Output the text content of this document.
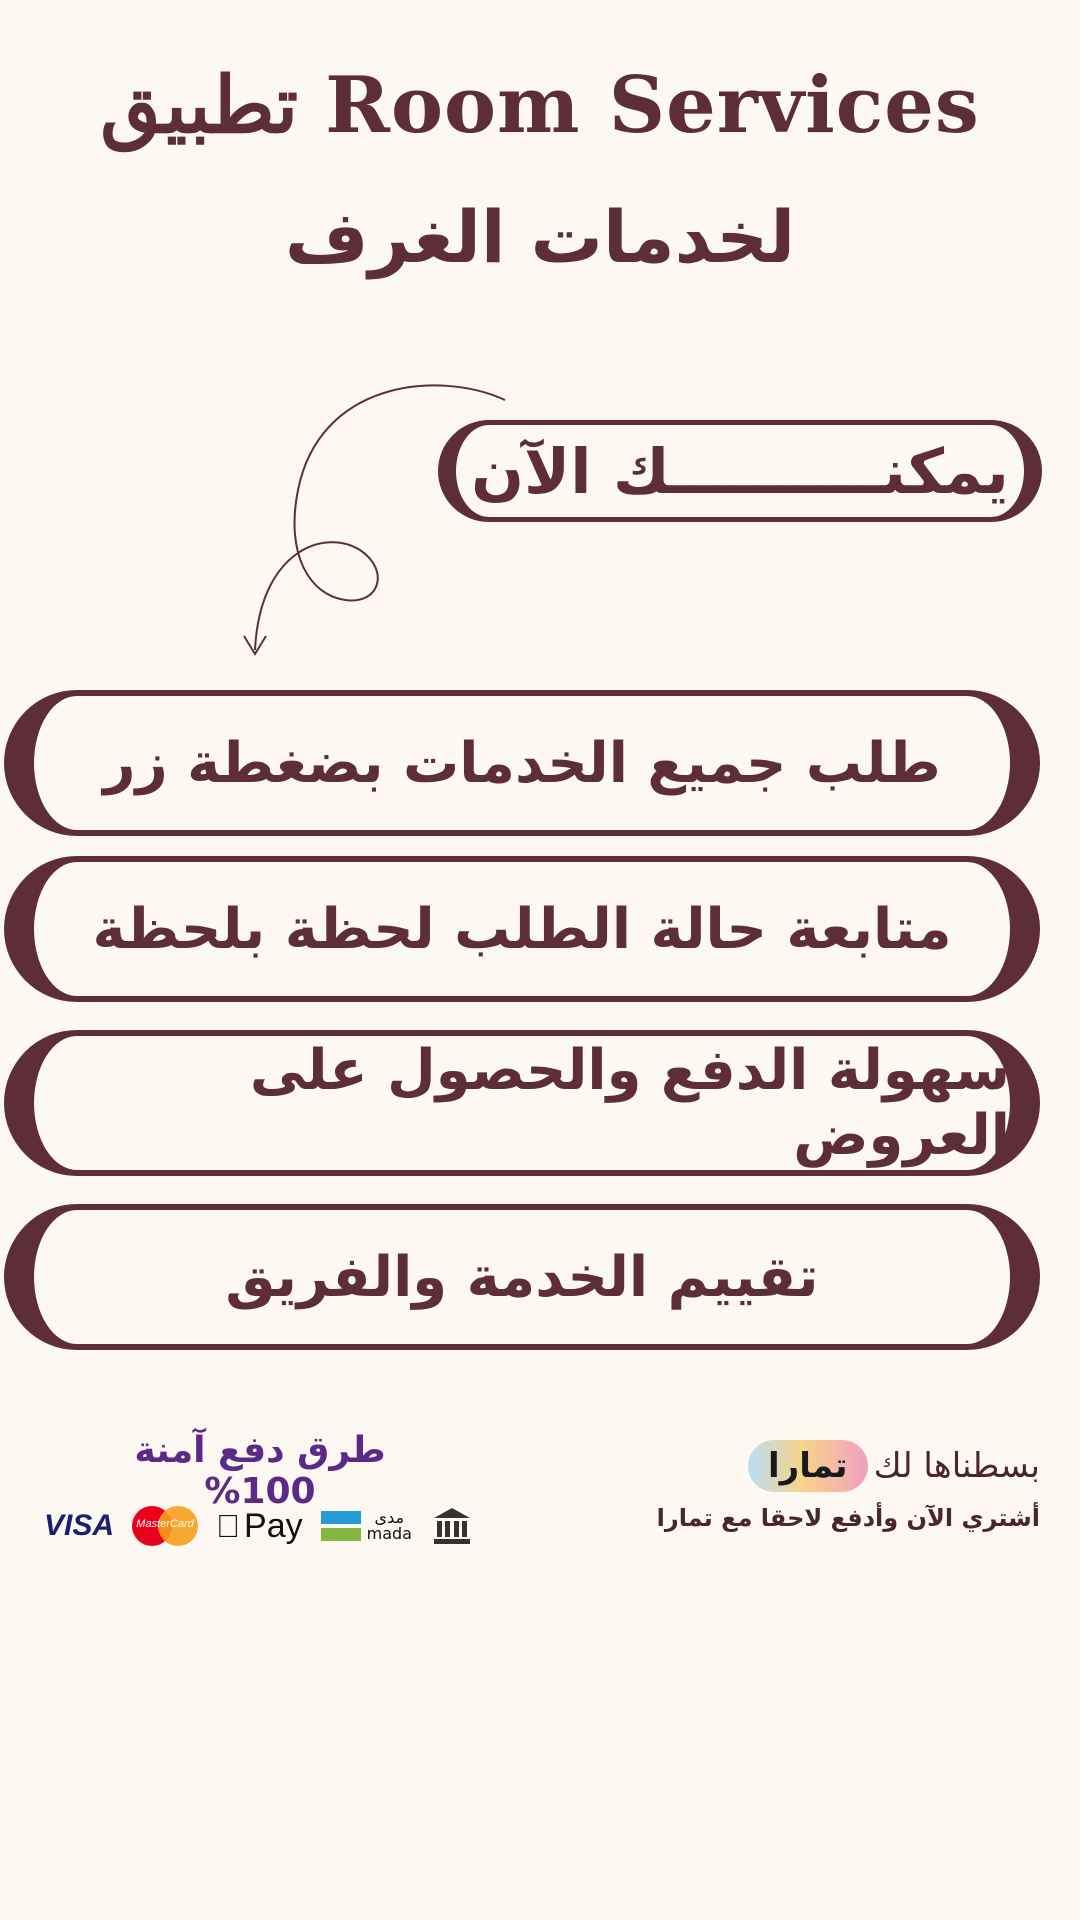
تطبيق Room Services
لخدمات الغرف
يمكنــــــــــك الآن
طلب جميع الخدمات بضغطة زر
متابعة حالة الطلب لحظة بلحظة
سهولة الدفع والحصول على العروض
تقييم الخدمة والفريق
طرق دفع آمنة 100%
VISA MasterCard	Pay	مدى
mada
بسطناها لك
تمارا
أشتري الآن وأدفع لاحقا مع تمارا
